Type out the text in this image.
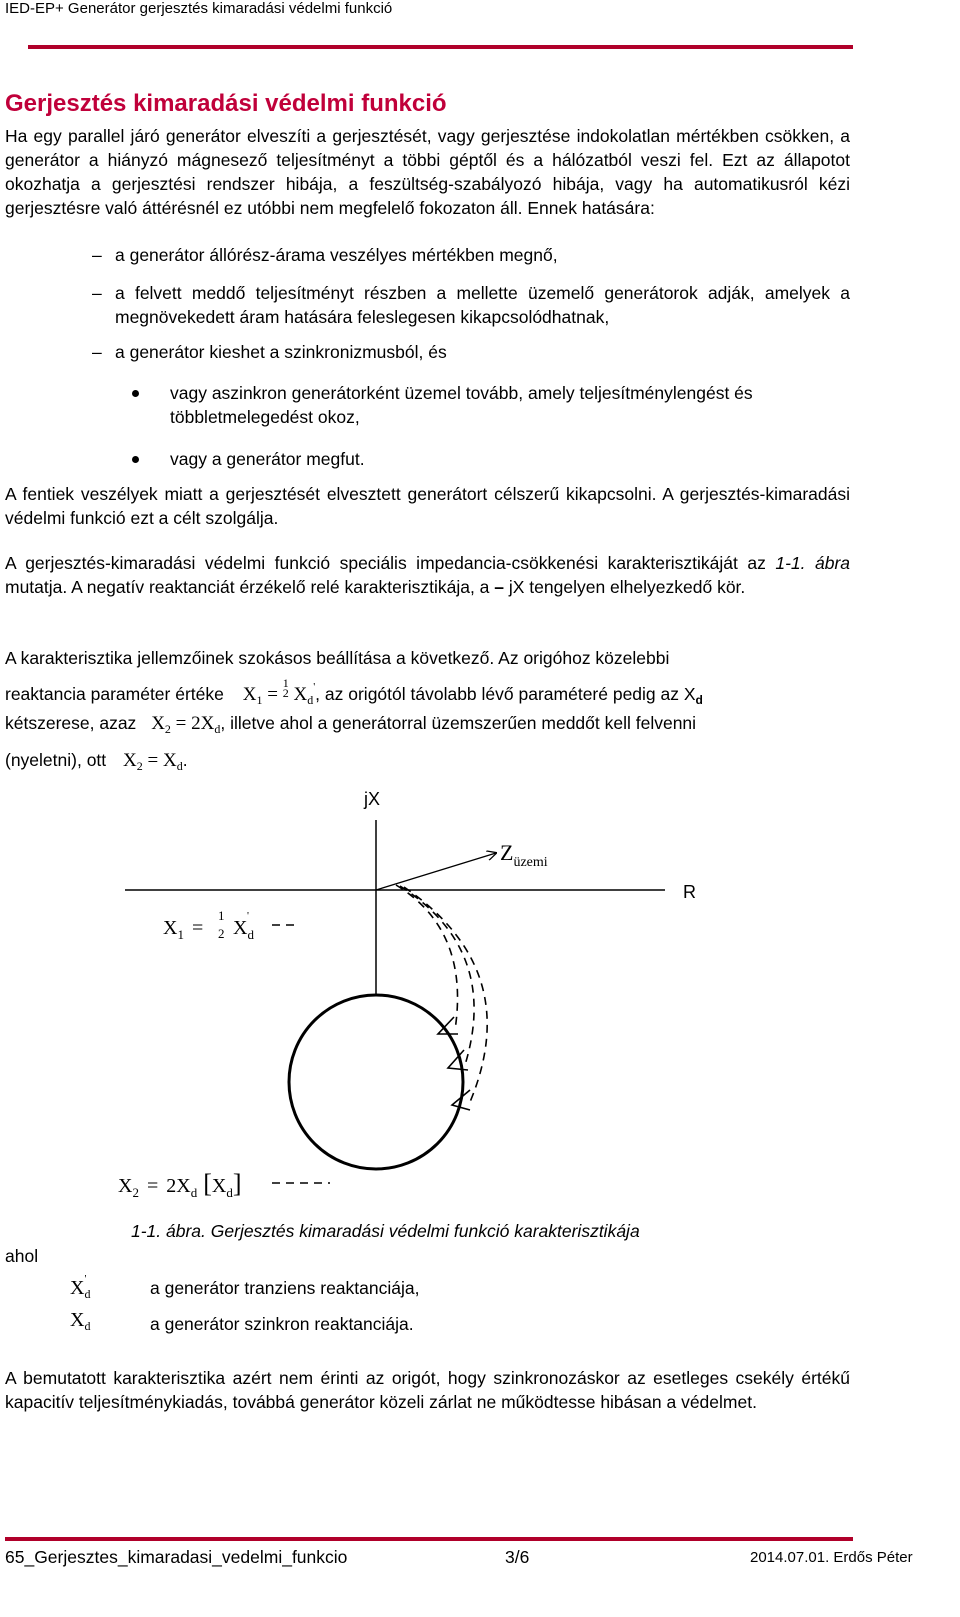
IED-EP+ Generátor gerjesztés kimaradási védelmi funkció
Gerjesztés kimaradási védelmi funkció
Ha egy parallel járó generátor elveszíti a gerjesztését, vagy gerjesztése indokolatlan mértékben csökken, a generátor a hiányzó mágnesező teljesítményt a többi géptől és a hálózatból veszi fel. Ezt az állapotot okozhatja a gerjesztési rendszer hibája, a feszültség-szabályozó hibája, vagy ha automatikusról kézi gerjesztésre való áttérésnél ez utóbbi nem megfelelő fokozaton áll. Ennek hatására:
– a generátor állórész-árama veszélyes mértékben megnő,
– a felvett meddő teljesítményt részben a mellette üzemelő generátorok adják, amelyek a megnövekedett áram hatására feleslegesen kikapcsolódhatnak,
– a generátor kieshet a szinkronizmusból, és
vagy aszinkron generátorként üzemel tovább, amely teljesítménylengést és többletmelegedést okoz,
vagy a generátor megfut.
A fentiek veszélyek miatt a gerjesztését elvesztett generátort célszerű kikapcsolni. A gerjesztés-kimaradási védelmi funkció ezt a célt szolgálja.
A gerjesztés-kimaradási védelmi funkció speciális impedancia-csökkenési karakterisztikáját az 1-1. ábra mutatja. A negatív reaktanciát érzékelő relé karakterisztikája, a – jX tengelyen elhelyezkedő kör.
A karakterisztika jellemzőinek szokásos beállítása a következő. Az origóhoz közelebbi
reaktancia paraméter értéke $X_1 = 1$
2 $X_d'$, az origótól távolabb lévő paraméteré pedig az $X_d$
kétszerese, azaz $X_2 = 2X_d$, illetve ahol a generátorral üzemszerűen meddőt kell felvenni
(nyeletni), ott $X_2 = X_d$.
jX
R
$Z_{üzemi}$
$X_1$ =
1
2 $X_d'$
$X_2 = 2X_d$ $[X_d]$
1-1. ábra. Gerjesztés kimaradási védelmi funkció karakterisztikája
ahol
$X_d'$	a generátor tranziens reaktanciája,
$X_d$	a generátor szinkron reaktanciája.
A bemutatott karakterisztika azért nem érinti az origót, hogy szinkronozáskor az esetleges csekély értékű kapacitív teljesítménykiadás, továbbá generátor közeli zárlat ne működtesse hibásan a védelmet.
65_Gerjesztes_kimaradasi_vedelmi_funkcio	3/6	2014.07.01. Erdős Péter
